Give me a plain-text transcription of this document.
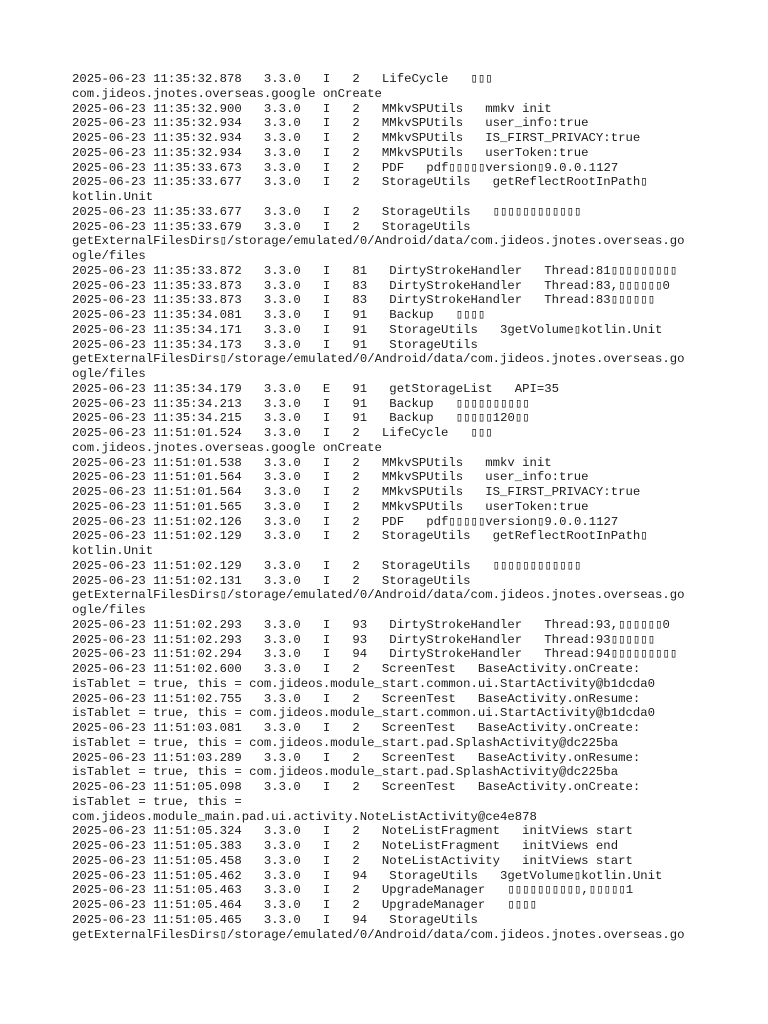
2025-06-23 11:35:32.878   3.3.0   I   2   LifeCycle   ▯▯▯
com.jideos.jnotes.overseas.google onCreate
2025-06-23 11:35:32.900   3.3.0   I   2   MMkvSPUtils   mmkv init
2025-06-23 11:35:32.934   3.3.0   I   2   MMkvSPUtils   user_info:true
2025-06-23 11:35:32.934   3.3.0   I   2   MMkvSPUtils   IS_FIRST_PRIVACY:true
2025-06-23 11:35:32.934   3.3.0   I   2   MMkvSPUtils   userToken:true
2025-06-23 11:35:33.673   3.3.0   I   2   PDF   pdf▯▯▯▯▯version▯9.0.0.1127
2025-06-23 11:35:33.677   3.3.0   I   2   StorageUtils   getReflectRootInPath▯
kotlin.Unit
2025-06-23 11:35:33.677   3.3.0   I   2   StorageUtils   ▯▯▯▯▯▯▯▯▯▯▯▯
2025-06-23 11:35:33.679   3.3.0   I   2   StorageUtils
getExternalFilesDirs▯/storage/emulated/0/Android/data/com.jideos.jnotes.overseas.go
ogle/files
2025-06-23 11:35:33.872   3.3.0   I   81   DirtyStrokeHandler   Thread:81▯▯▯▯▯▯▯▯▯
2025-06-23 11:35:33.873   3.3.0   I   83   DirtyStrokeHandler   Thread:83,▯▯▯▯▯▯0
2025-06-23 11:35:33.873   3.3.0   I   83   DirtyStrokeHandler   Thread:83▯▯▯▯▯▯
2025-06-23 11:35:34.081   3.3.0   I   91   Backup   ▯▯▯▯
2025-06-23 11:35:34.171   3.3.0   I   91   StorageUtils   3getVolume▯kotlin.Unit
2025-06-23 11:35:34.173   3.3.0   I   91   StorageUtils
getExternalFilesDirs▯/storage/emulated/0/Android/data/com.jideos.jnotes.overseas.go
ogle/files
2025-06-23 11:35:34.179   3.3.0   E   91   getStorageList   API=35
2025-06-23 11:35:34.213   3.3.0   I   91   Backup   ▯▯▯▯▯▯▯▯▯▯
2025-06-23 11:35:34.215   3.3.0   I   91   Backup   ▯▯▯▯▯120▯▯
2025-06-23 11:51:01.524   3.3.0   I   2   LifeCycle   ▯▯▯
com.jideos.jnotes.overseas.google onCreate
2025-06-23 11:51:01.538   3.3.0   I   2   MMkvSPUtils   mmkv init
2025-06-23 11:51:01.564   3.3.0   I   2   MMkvSPUtils   user_info:true
2025-06-23 11:51:01.564   3.3.0   I   2   MMkvSPUtils   IS_FIRST_PRIVACY:true
2025-06-23 11:51:01.565   3.3.0   I   2   MMkvSPUtils   userToken:true
2025-06-23 11:51:02.126   3.3.0   I   2   PDF   pdf▯▯▯▯▯version▯9.0.0.1127
2025-06-23 11:51:02.129   3.3.0   I   2   StorageUtils   getReflectRootInPath▯
kotlin.Unit
2025-06-23 11:51:02.129   3.3.0   I   2   StorageUtils   ▯▯▯▯▯▯▯▯▯▯▯▯
2025-06-23 11:51:02.131   3.3.0   I   2   StorageUtils
getExternalFilesDirs▯/storage/emulated/0/Android/data/com.jideos.jnotes.overseas.go
ogle/files
2025-06-23 11:51:02.293   3.3.0   I   93   DirtyStrokeHandler   Thread:93,▯▯▯▯▯▯0
2025-06-23 11:51:02.293   3.3.0   I   93   DirtyStrokeHandler   Thread:93▯▯▯▯▯▯
2025-06-23 11:51:02.294   3.3.0   I   94   DirtyStrokeHandler   Thread:94▯▯▯▯▯▯▯▯▯
2025-06-23 11:51:02.600   3.3.0   I   2   ScreenTest   BaseActivity.onCreate:
isTablet = true, this = com.jideos.module_start.common.ui.StartActivity@b1dcda0
2025-06-23 11:51:02.755   3.3.0   I   2   ScreenTest   BaseActivity.onResume:
isTablet = true, this = com.jideos.module_start.common.ui.StartActivity@b1dcda0
2025-06-23 11:51:03.081   3.3.0   I   2   ScreenTest   BaseActivity.onCreate:
isTablet = true, this = com.jideos.module_start.pad.SplashActivity@dc225ba
2025-06-23 11:51:03.289   3.3.0   I   2   ScreenTest   BaseActivity.onResume:
isTablet = true, this = com.jideos.module_start.pad.SplashActivity@dc225ba
2025-06-23 11:51:05.098   3.3.0   I   2   ScreenTest   BaseActivity.onCreate:
isTablet = true, this =
com.jideos.module_main.pad.ui.activity.NoteListActivity@ce4e878
2025-06-23 11:51:05.324   3.3.0   I   2   NoteListFragment   initViews start
2025-06-23 11:51:05.383   3.3.0   I   2   NoteListFragment   initViews end
2025-06-23 11:51:05.458   3.3.0   I   2   NoteListActivity   initViews start
2025-06-23 11:51:05.462   3.3.0   I   94   StorageUtils   3getVolume▯kotlin.Unit
2025-06-23 11:51:05.463   3.3.0   I   2   UpgradeManager   ▯▯▯▯▯▯▯▯▯▯,▯▯▯▯▯1
2025-06-23 11:51:05.464   3.3.0   I   2   UpgradeManager   ▯▯▯▯
2025-06-23 11:51:05.465   3.3.0   I   94   StorageUtils
getExternalFilesDirs▯/storage/emulated/0/Android/data/com.jideos.jnotes.overseas.go
